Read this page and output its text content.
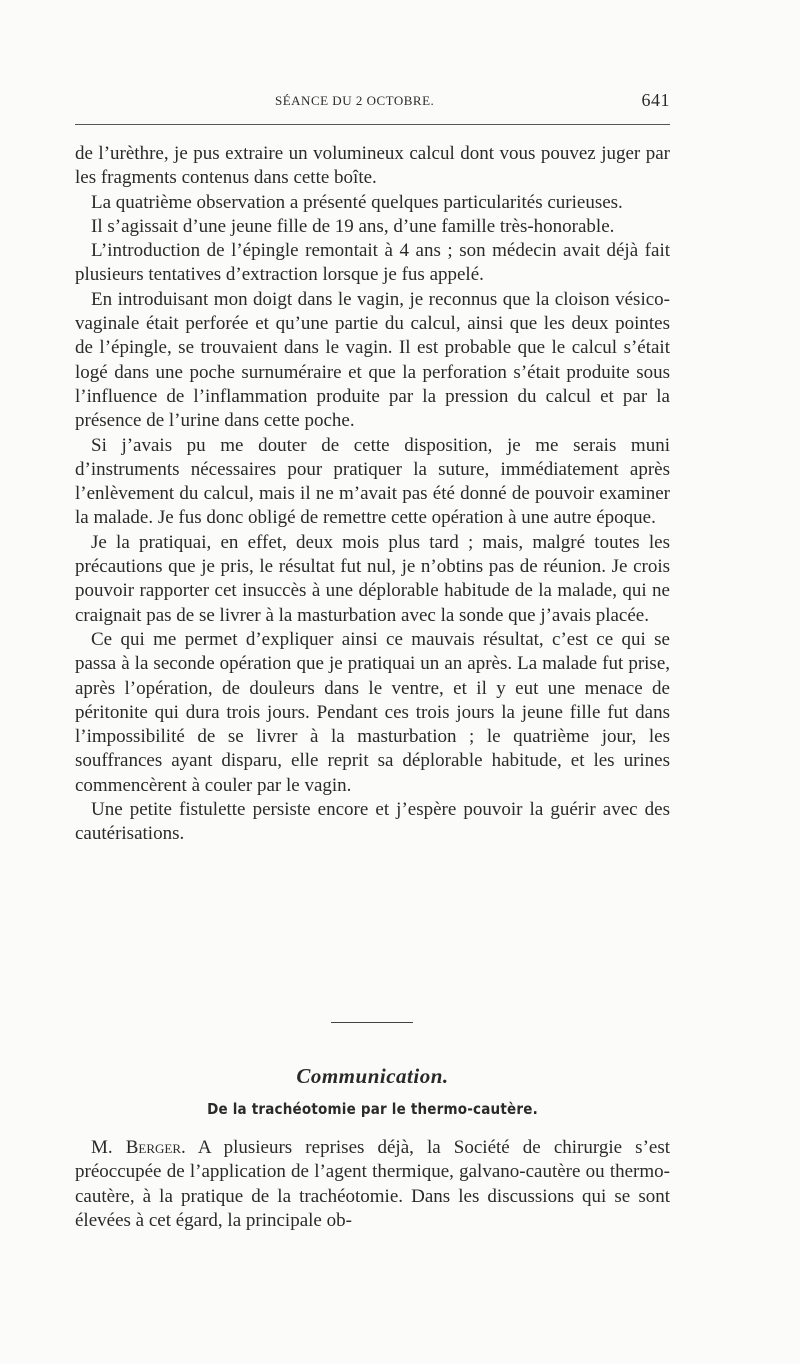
SÉANCE DU 2 OCTOBRE.	641

de l’urèthre, je pus extraire un volumineux calcul dont vous pouvez juger par les fragments contenus dans cette boîte.

La quatrième observation a présenté quelques particularités curieuses.

Il s’agissait d’une jeune fille de 19 ans, d’une famille très-honorable.

L’introduction de l’épingle remontait à 4 ans ; son médecin avait déjà fait plusieurs tentatives d’extraction lorsque je fus appelé.

En introduisant mon doigt dans le vagin, je reconnus que la cloison vésico-vaginale était perforée et qu’une partie du calcul, ainsi que les deux pointes de l’épingle, se trouvaient dans le vagin. Il est probable que le calcul s’était logé dans une poche surnuméraire et que la perforation s’était produite sous l’influence de l’inflammation produite par la pression du calcul et par la présence de l’urine dans cette poche.

Si j’avais pu me douter de cette disposition, je me serais muni d’instruments nécessaires pour pratiquer la suture, immédiatement après l’enlèvement du calcul, mais il ne m’avait pas été donné de pouvoir examiner la malade. Je fus donc obligé de remettre cette opération à une autre époque.

Je la pratiquai, en effet, deux mois plus tard ; mais, malgré toutes les précautions que je pris, le résultat fut nul, je n’obtins pas de réunion. Je crois pouvoir rapporter cet insuccès à une déplorable habitude de la malade, qui ne craignait pas de se livrer à la masturbation avec la sonde que j’avais placée.

Ce qui me permet d’expliquer ainsi ce mauvais résultat, c’est ce qui se passa à la seconde opération que je pratiquai un an après. La malade fut prise, après l’opération, de douleurs dans le ventre, et il y eut une menace de péritonite qui dura trois jours. Pendant ces trois jours la jeune fille fut dans l’impossibilité de se livrer à la masturbation ; le quatrième jour, les souffrances ayant disparu, elle reprit sa déplorable habitude, et les urines commencèrent à couler par le vagin.

Une petite fistulette persiste encore et j’espère pouvoir la guérir avec des cautérisations.

Communication.
De la trachéotomie par le thermo-cautère.

M. Berger. A plusieurs reprises déjà, la Société de chirurgie s’est préoccupée de l’application de l’agent thermique, galvano-cautère ou thermo-cautère, à la pratique de la trachéotomie. Dans les discussions qui se sont élevées à cet égard, la principale ob-
